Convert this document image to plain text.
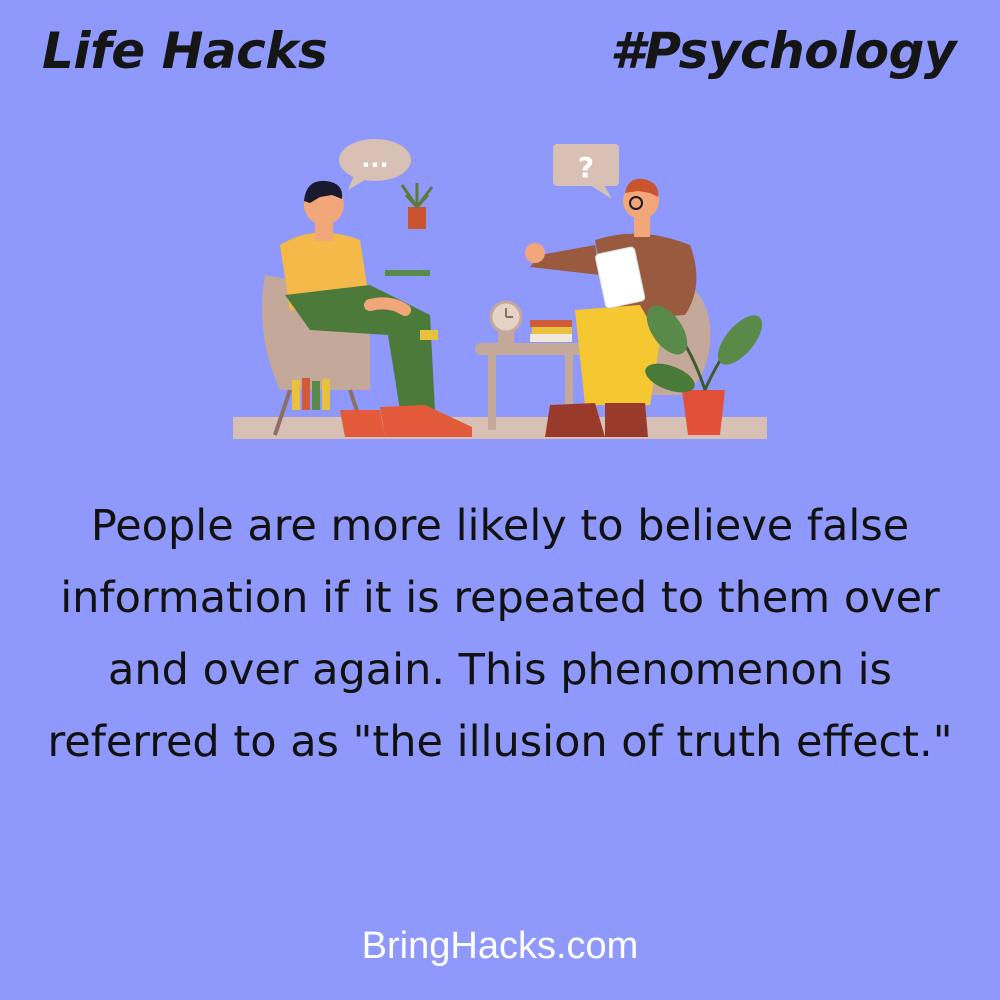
Life Hacks	#Psychology
...	?
People are more likely to believe false information if it is repeated to them over and over again. This phenomenon is referred to as "the illusion of truth effect."
BringHacks.com
